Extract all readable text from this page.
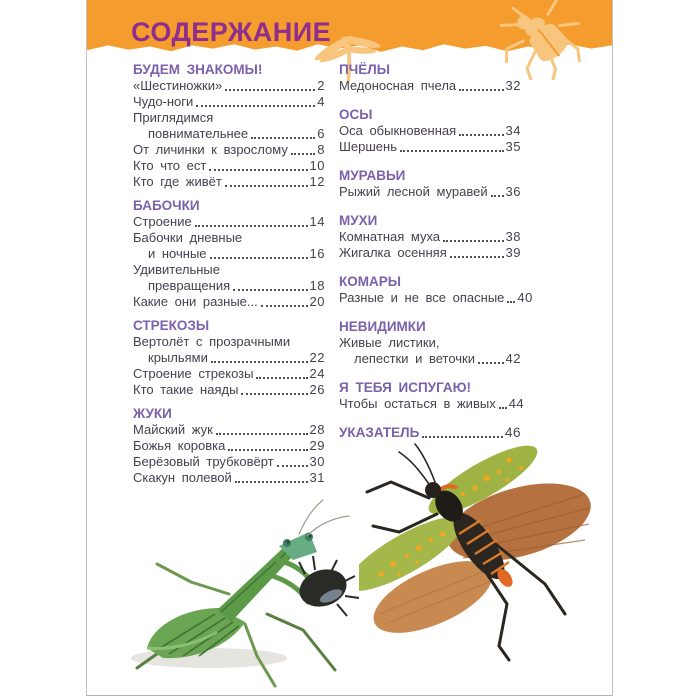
СОДЕРЖАНИЕ
БУДЕМ ЗНАКОМЫ!
«Шестиножки»	2
Чудо-ноги	4
Приглядимся
повнимательнее	6
От личинки к взрослому 8
Кто что ест	10
Кто где живёт	12
БАБОЧКИ
Строение	14
Бабочки дневные
и ночные	16
Удивительные
превращения	18
Какие они разные...	20
СТРЕКОЗЫ
Вертолёт с прозрачными
крыльями	22
Строение стрекозы	24
Кто такие наяды	26
ЖУКИ
Майский жук	28
Божья коровка	29
Берёзовый трубковёрт	30
Скакун полевой	31
ПЧЁЛЫ
Медоносная пчела	32
ОСЫ
Оса обыкновенная	34
Шершень	35
МУРАВЬИ
Рыжий лесной муравей 36
МУХИ
Комнатная муха	38
Жигалка осенняя	39
КОМАРЫ
Разные и не все опасные 40
НЕВИДИМКИ
Живые листики,
лепестки и веточки 42
Я ТЕБЯ ИСПУГАЮ!
Чтобы остаться в живых 44
УКАЗАТЕЛЬ	46
